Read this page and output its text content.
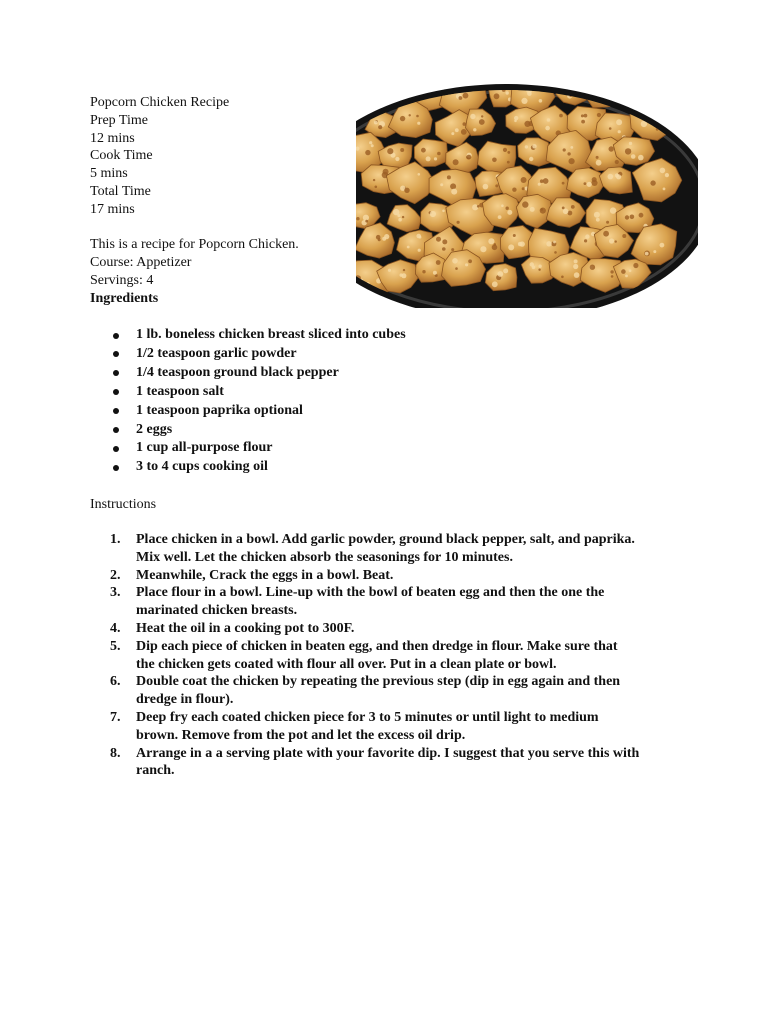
Popcorn Chicken Recipe
Prep Time
12 mins
Cook Time
5 mins
Total Time
17 mins
This is a recipe for Popcorn Chicken.
Course: Appetizer
Servings: 4
Ingredients
1 lb. boneless chicken breast sliced into cubes
1/2 teaspoon garlic powder
1/4 teaspoon ground black pepper
1 teaspoon salt
1 teaspoon paprika optional
2 eggs
1 cup all-purpose flour
3 to 4 cups cooking oil
Instructions
1.	Place chicken in a bowl. Add garlic powder, ground black pepper, salt, and paprika.
Mix well. Let the chicken absorb the seasonings for 10 minutes.
2.	Meanwhile, Crack the eggs in a bowl. Beat.
3.	Place flour in a bowl. Line-up with the bowl of beaten egg and then the one the
marinated chicken breasts.
4.	Heat the oil in a cooking pot to 300F.
5.	Dip each piece of chicken in beaten egg, and then dredge in flour. Make sure that
the chicken gets coated with flour all over. Put in a clean plate or bowl.
6.	Double coat the chicken by repeating the previous step (dip in egg again and then
dredge in flour).
7.	Deep fry each coated chicken piece for 3 to 5 minutes or until light to medium
brown. Remove from the pot and let the excess oil drip.
8.	Arrange in a a serving plate with your favorite dip. I suggest that you serve this with
ranch.
